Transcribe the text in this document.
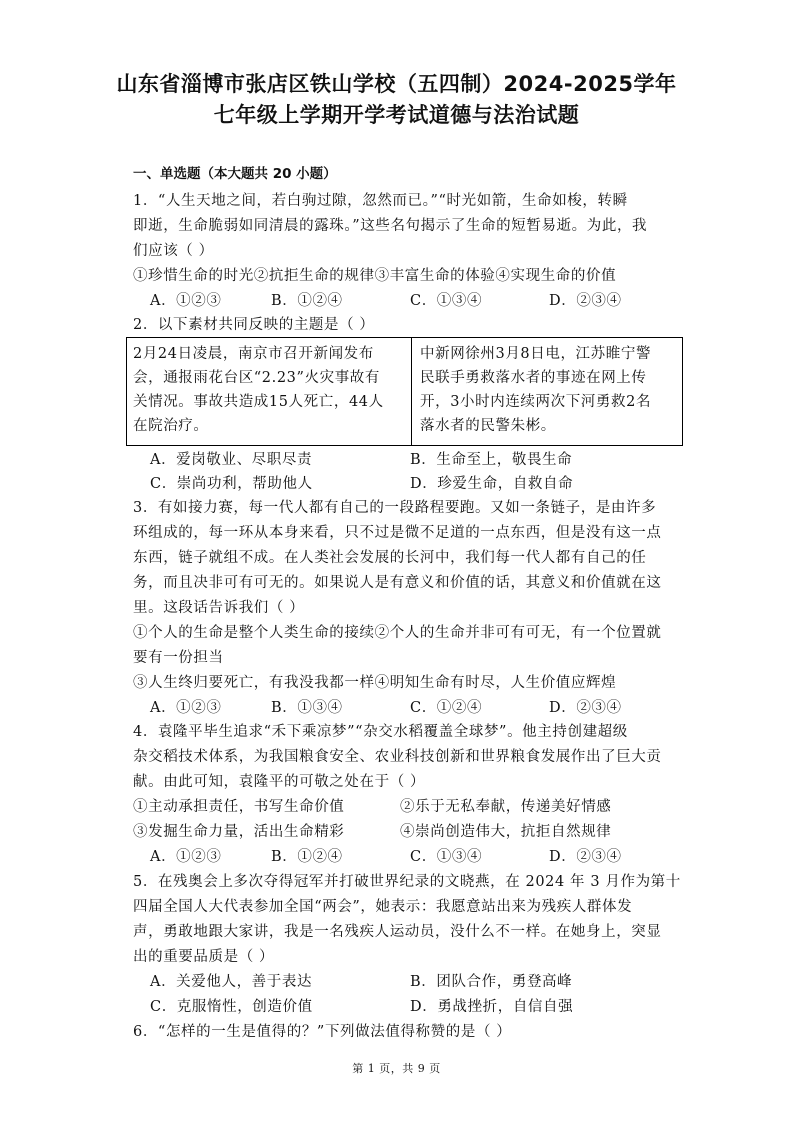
山东省淄博市张店区铁山学校（五四制）2024-2025学年
七年级上学期开学考试道德与法治试题
一、单选题（本大题共 20 小题）
1．“人生天地之间，若白驹过隙，忽然而已。”“时光如箭，生命如梭，转瞬
即逝，生命脆弱如同清晨的露珠。”这些名句揭示了生命的短暂易逝。为此，我
们应该（ ）
①珍惜生命的时光②抗拒生命的规律③丰富生命的体验④实现生命的价值
A．①②③	B．①②④	C．①③④	D．②③④
2．以下素材共同反映的主题是（ ）
2月24日凌晨，南京市召开新闻发布
会，通报雨花台区“2.23”火灾事故有
关情况。事故共造成15人死亡，44人
在院治疗。
中新网徐州3月8日电，江苏睢宁警
民联手勇救落水者的事迹在网上传
开，3小时内连续两次下河勇救2名
落水者的民警朱彬。
A．爱岗敬业、尽职尽责	B．生命至上，敬畏生命
C．崇尚功利，帮助他人	D．珍爱生命，自救自命
3．有如接力赛，每一代人都有自己的一段路程要跑。又如一条链子，是由许多
环组成的，每一环从本身来看，只不过是微不足道的一点东西，但是没有这一点
东西，链子就组不成。在人类社会发展的长河中，我们每一代人都有自己的任
务，而且决非可有可无的。如果说人是有意义和价值的话，其意义和价值就在这
里。这段话告诉我们（ ）
①个人的生命是整个人类生命的接续②个人的生命并非可有可无，有一个位置就
要有一份担当
③人生终归要死亡，有我没我都一样④明知生命有时尽，人生价值应辉煌
A．①②③	B．①③④	C．①②④	D．②③④
4．袁隆平毕生追求“禾下乘凉梦”“杂交水稻覆盖全球梦”。他主持创建超级
杂交稻技术体系，为我国粮食安全、农业科技创新和世界粮食发展作出了巨大贡
献。由此可知，袁隆平的可敬之处在于（ ）
①主动承担责任，书写生命价值	②乐于无私奉献，传递美好情感
③发掘生命力量，活出生命精彩	④崇尚创造伟大，抗拒自然规律
A．①②③	B．①②④	C．①③④	D．②③④
5．在残奥会上多次夺得冠军并打破世界纪录的文晓燕，在 2024 年 3 月作为第十
四届全国人大代表参加全国“两会”，她表示：我愿意站出来为残疾人群体发
声，勇敢地跟大家讲，我是一名残疾人运动员，没什么不一样。在她身上，突显
出的重要品质是（ ）
A．关爱他人，善于表达	B．团队合作，勇登高峰
C．克服惰性，创造价值	D．勇战挫折，自信自强
6．“怎样的一生是值得的？”下列做法值得称赞的是（ ）
第 1 页，共 9 页
